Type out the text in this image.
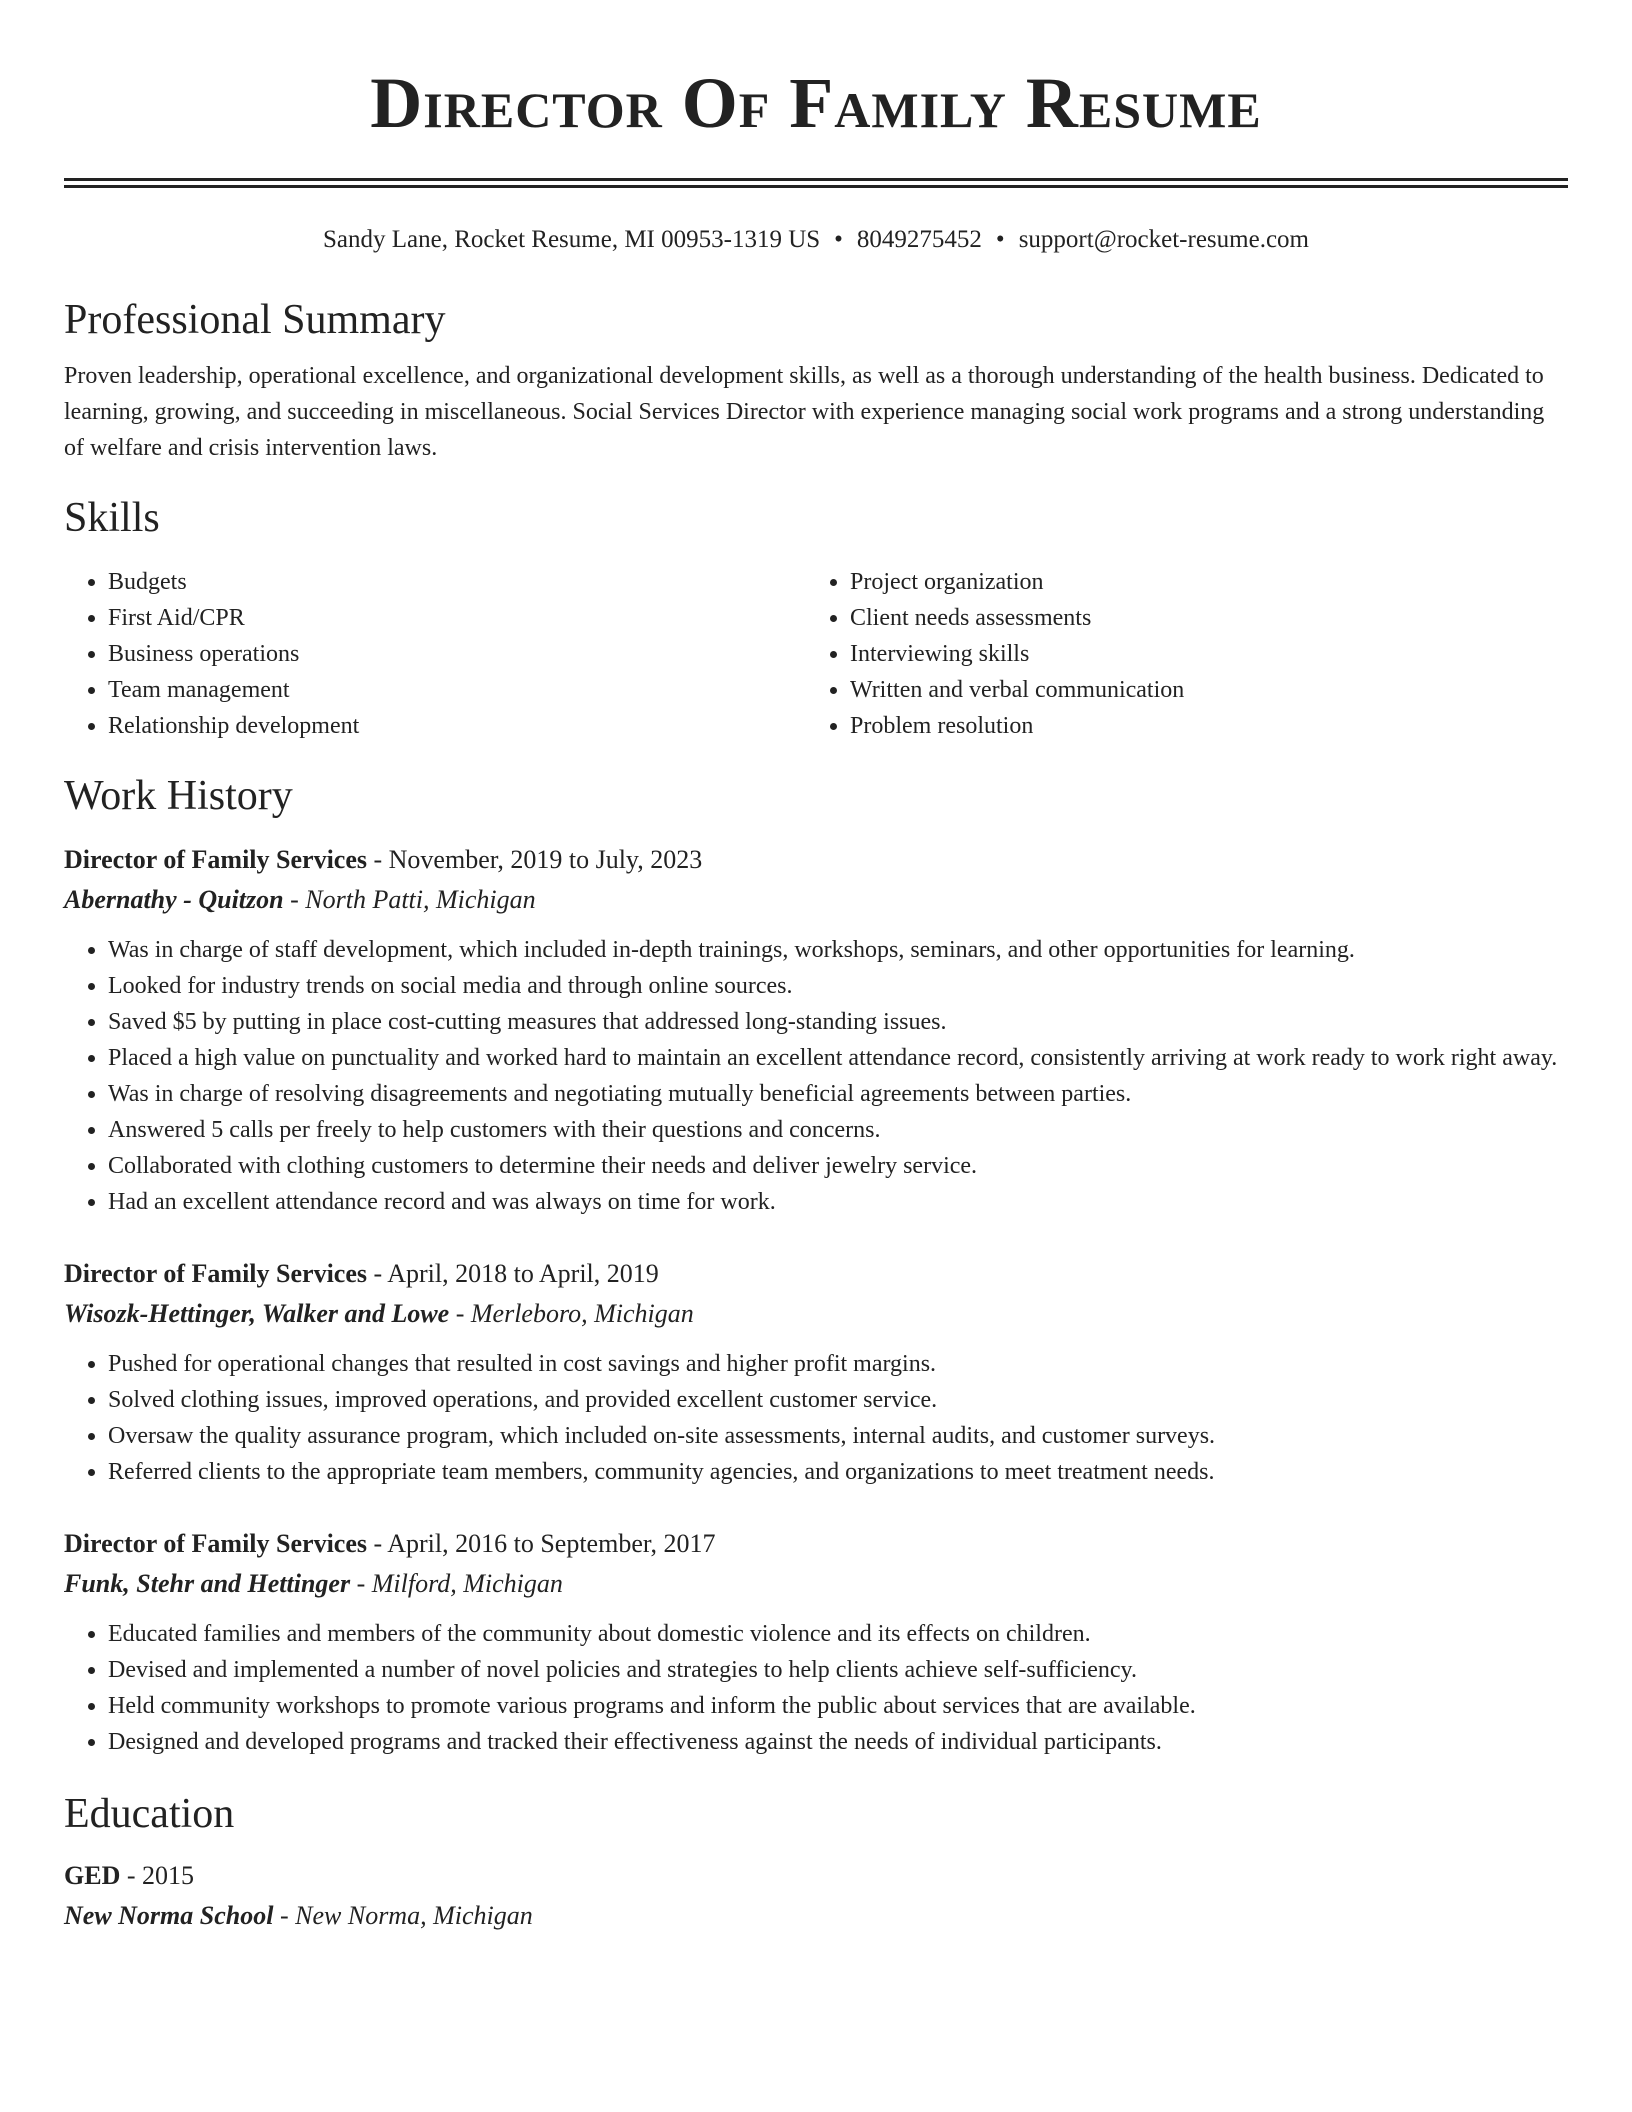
Director Of Family Resume
Sandy Lane, Rocket Resume, MI 00953-1319 US • 8049275452 • support@rocket-resume.com
Professional Summary
Proven leadership, operational excellence, and organizational development skills, as well as a thorough understanding of the health business. Dedicated to learning, growing, and succeeding in miscellaneous. Social Services Director with experience managing social work programs and a strong understanding of welfare and crisis intervention laws.
Skills
• Budgets
• First Aid/CPR
• Business operations
• Team management
• Relationship development
• Project organization
• Client needs assessments
• Interviewing skills
• Written and verbal communication
• Problem resolution
Work History
Director of Family Services - November, 2019 to July, 2023
Abernathy - Quitzon - North Patti, Michigan
• Was in charge of staff development, which included in-depth trainings, workshops, seminars, and other opportunities for learning.
• Looked for industry trends on social media and through online sources.
• Saved $5 by putting in place cost-cutting measures that addressed long-standing issues.
• Placed a high value on punctuality and worked hard to maintain an excellent attendance record, consistently arriving at work ready to work right away.
• Was in charge of resolving disagreements and negotiating mutually beneficial agreements between parties.
• Answered 5 calls per freely to help customers with their questions and concerns.
• Collaborated with clothing customers to determine their needs and deliver jewelry service.
• Had an excellent attendance record and was always on time for work.
Director of Family Services - April, 2018 to April, 2019
Wisozk-Hettinger, Walker and Lowe - Merleboro, Michigan
• Pushed for operational changes that resulted in cost savings and higher profit margins.
• Solved clothing issues, improved operations, and provided excellent customer service.
• Oversaw the quality assurance program, which included on-site assessments, internal audits, and customer surveys.
• Referred clients to the appropriate team members, community agencies, and organizations to meet treatment needs.
Director of Family Services - April, 2016 to September, 2017
Funk, Stehr and Hettinger - Milford, Michigan
• Educated families and members of the community about domestic violence and its effects on children.
• Devised and implemented a number of novel policies and strategies to help clients achieve self-sufficiency.
• Held community workshops to promote various programs and inform the public about services that are available.
• Designed and developed programs and tracked their effectiveness against the needs of individual participants.
Education
GED - 2015
New Norma School - New Norma, Michigan
